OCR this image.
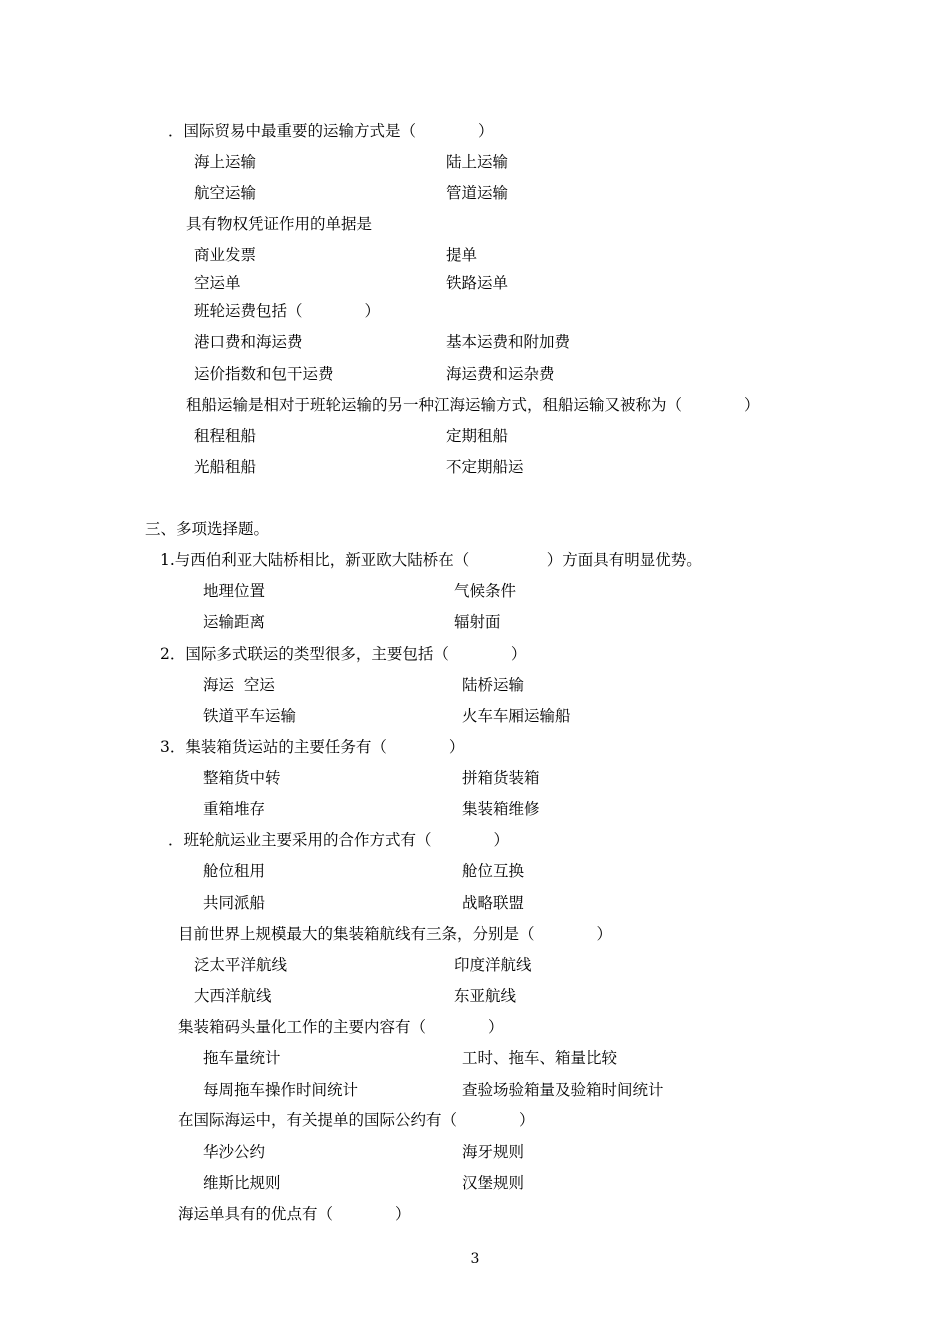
．国际贸易中最重要的运输方式是（　　　　）
海上运输	陆上运输
航空运输	管道运输
具有物权凭证作用的单据是
商业发票	提单
空运单	铁路运单
班轮运费包括（　　　　）
港口费和海运费	基本运费和附加费
运价指数和包干运费	海运费和运杂费
租船运输是相对于班轮运输的另一种江海运输方式，租船运输又被称为（　　　　）
租程租船	定期租船
光船租船	不定期船运
三、多项选择题。
1.与西伯利亚大陆桥相比，新亚欧大陆桥在（　　　　　）方面具有明显优势。
地理位置	气候条件
运输距离	辐射面
2．国际多式联运的类型很多，主要包括（　　　　）
海运  空运	陆桥运输
铁道平车运输	火车车厢运输船
3．集装箱货运站的主要任务有（　　　　）
整箱货中转	拼箱货装箱
重箱堆存	集装箱维修
．班轮航运业主要采用的合作方式有（　　　　）
舱位租用	舱位互换
共同派船	战略联盟
目前世界上规模最大的集装箱航线有三条，分别是（　　　　）
泛太平洋航线	印度洋航线
大西洋航线	东亚航线
集装箱码头量化工作的主要内容有（　　　　）
拖车量统计	工时、拖车、箱量比较
每周拖车操作时间统计	查验场验箱量及验箱时间统计
在国际海运中，有关提单的国际公约有（　　　　）
华沙公约	海牙规则
维斯比规则	汉堡规则
海运单具有的优点有（　　　　）
3
